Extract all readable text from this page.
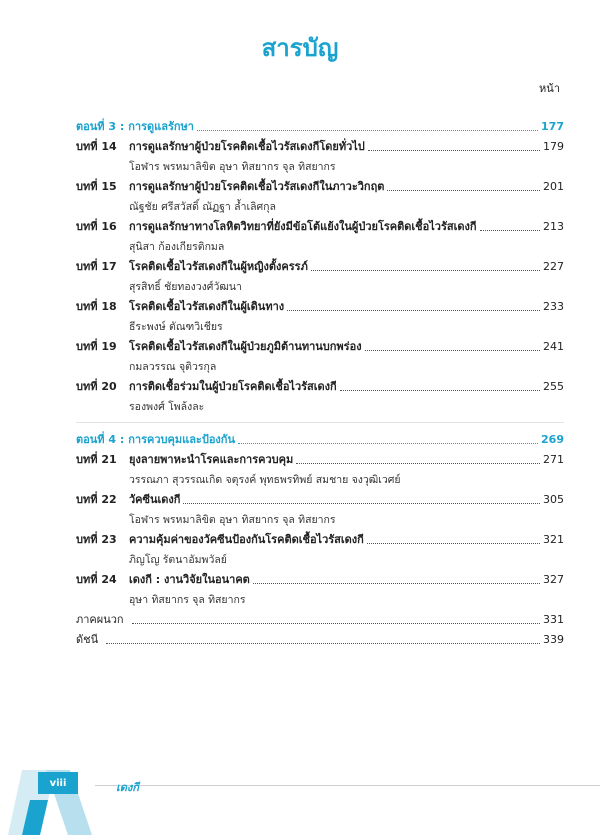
สารบัญ
หน้า
ตอนที่ 3 : การดูแลรักษา	177
บทที่ 14	การดูแลรักษาผู้ป่วยโรคติดเชื้อไวรัสเดงกีโดยทั่วไป	179
โอฬาร พรหมาลิขิต อุษา ทิสยากร จุล ทิสยากร
บทที่ 15	การดูแลรักษาผู้ป่วยโรคติดเชื้อไวรัสเดงกีในภาวะวิกฤต	201
ณัฐชัย ศรีสวัสดิ์ ณัฏฐา ล้ำเลิศกุล
บทที่ 16	การดูแลรักษาทางโลหิตวิทยาที่ยังมีข้อโต้แย้งในผู้ป่วยโรคติดเชื้อไวรัสเดงกี	213
สุนิสา ก้องเกียรติกมล
บทที่ 17	โรคติดเชื้อไวรัสเดงกีในผู้หญิงตั้งครรภ์	227
สุรสิทธิ์ ชัยทองวงศ์วัฒนา
บทที่ 18	โรคติดเชื้อไวรัสเดงกีในผู้เดินทาง	233
ธีระพงษ์ ตัณฑวิเชียร
บทที่ 19	โรคติดเชื้อไวรัสเดงกีในผู้ป่วยภูมิต้านทานบกพร่อง	241
กมลวรรณ จุติวรกุล
บทที่ 20	การติดเชื้อร่วมในผู้ป่วยโรคติดเชื้อไวรัสเดงกี	255
รองพงศ์ โพล้งละ
ตอนที่ 4 : การควบคุมและป้องกัน	269
บทที่ 21	ยุงลายพาหะนำโรคและการควบคุม	271
วรรณภา สุวรรณเกิด จตุรงค์ พุทธพรทิพย์ สมชาย จงวุฒิเวศย์
บทที่ 22	วัคซีนเดงกี	305
โอฬาร พรหมาลิขิต อุษา ทิสยากร จุล ทิสยากร
บทที่ 23	ความคุ้มค่าของวัคซีนป้องกันโรคติดเชื้อไวรัสเดงกี	321
ภิญโญ รัตนาอัมพวัลย์
บทที่ 24	เดงกี : งานวิจัยในอนาคต	327
อุษา ทิสยากร จุล ทิสยากร
ภาคผนวก	331
ดัชนี	339
viii	เดงกี
